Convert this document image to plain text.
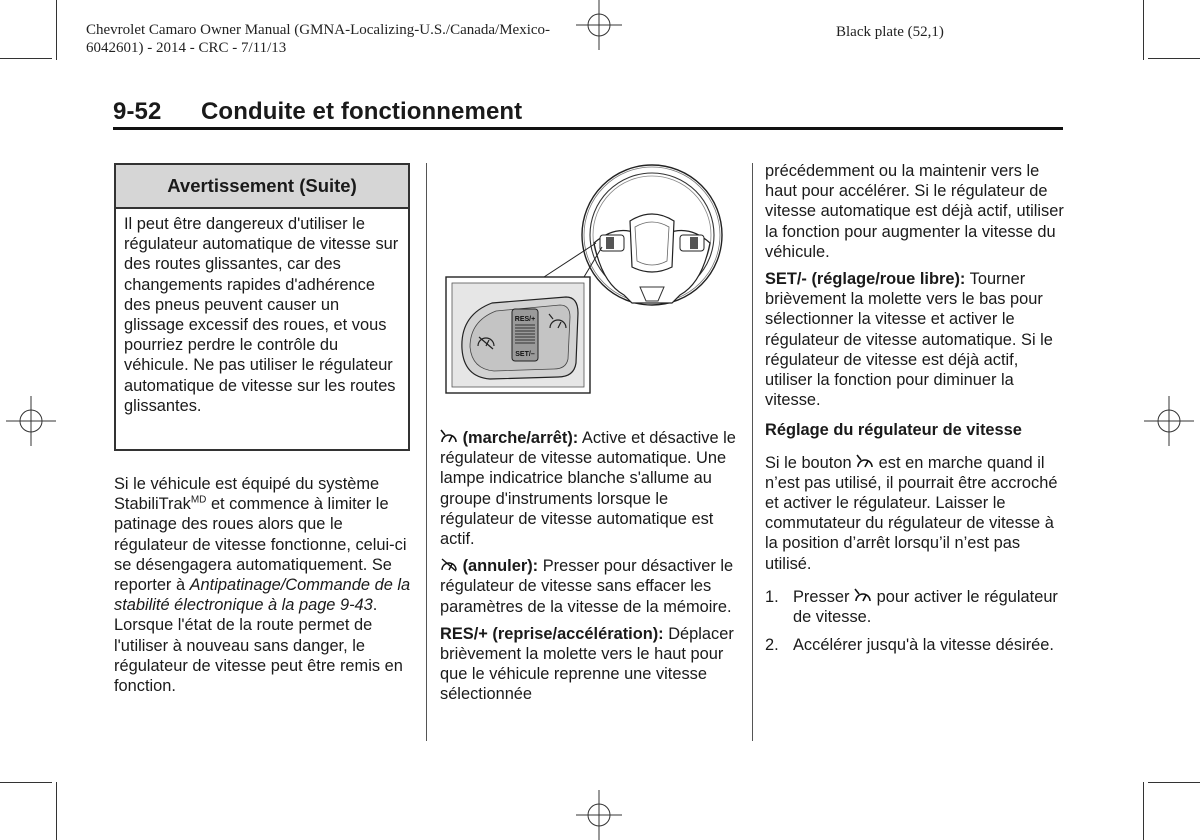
Chevrolet Camaro Owner Manual (GMNA-Localizing-U.S./Canada/Mexico-
6042601) - 2014 - CRC - 7/11/13
Black plate (52,1)
9-52 Conduite et fonctionnement
Avertissement (Suite)
Il peut être dangereux d'utiliser le régulateur automatique de vitesse sur des routes glissantes, car des changements rapides d'adhérence des pneus peuvent causer un glissage excessif des roues, et vous pourriez perdre le contrôle du véhicule. Ne pas utiliser le régulateur automatique de vitesse sur les routes glissantes.

Si le véhicule est équipé du système StabiliTrak$^{MD}$ et commence à limiter le patinage des roues alors que le régulateur de vitesse fonctionne, celui-ci se désengagera automatiquement. Se reporter à Antipatinage/Commande de la stabilité électronique à la page 9-43. Lorsque l'état de la route permet de l'utiliser à nouveau sans danger, le régulateur de vitesse peut être remis en fonction.

RES/+
SET/–

(marche/arrêt): Active et désactive le régulateur de vitesse automatique. Une lampe indicatrice blanche s'allume au groupe d'instruments lorsque le régulateur de vitesse automatique est actif.

(annuler): Presser pour désactiver le régulateur de vitesse sans effacer les paramètres de la vitesse de la mémoire.

RES/+ (reprise/accélération): Déplacer brièvement la molette vers le haut pour que le véhicule reprenne une vitesse sélectionnée

précédemment ou la maintenir vers le haut pour accélérer. Si le régulateur de vitesse automatique est déjà actif, utiliser la fonction pour augmenter la vitesse du véhicule.

SET/- (réglage/roue libre): Tourner brièvement la molette vers le bas pour sélectionner la vitesse et activer le régulateur de vitesse automatique. Si le régulateur de vitesse est déjà actif, utiliser la fonction pour diminuer la vitesse.

Réglage du régulateur de vitesse

Si le bouton  est en marche quand il n’est pas utilisé, il pourrait être accroché et activer le régulateur. Laisser le commutateur du régulateur de vitesse à la position d’arrêt lorsqu’il n’est pas utilisé.

1. Presser  pour activer le régulateur de vitesse.
2. Accélérer jusqu'à la vitesse désirée.
